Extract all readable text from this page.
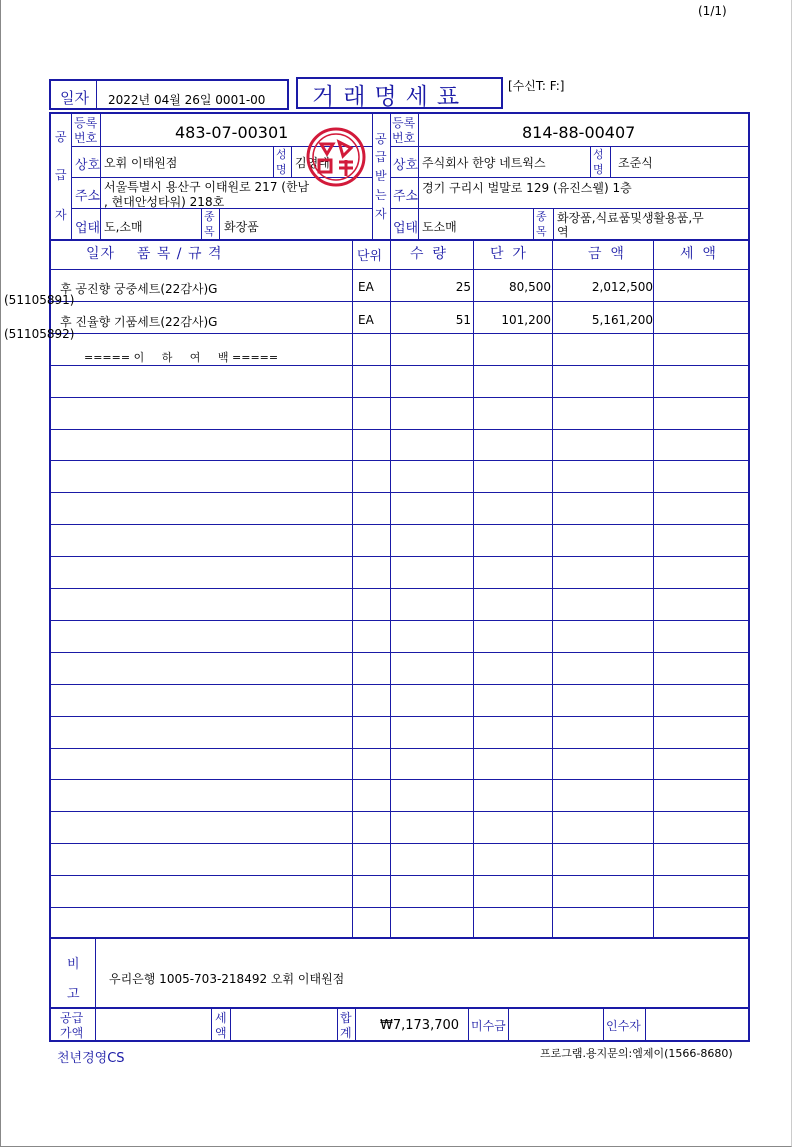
(1/1)
일자 2022년 04월 26일 0001-00 거래명세표	[수신T: F:]
공
급
자
등록
번호	483-07-00301
상호 오휘 이태원점
성
명 김영태
주소
서울특별시 용산구 이태원로 217 (한남
, 현대안성타워) 218호
업태 도,소매
종
목 화장품
공
급
받
는
자
등록
번호	814-88-00407
상호 주식회사 한양 네트웍스
성
명 조준식
주소
경기 구리시 벌말로 129 (유진스웰) 1층
업태 도소매
종
목
화장품,식료품및생활용품,무
역
일자    품 목 / 규 격	단위 수  량	단  가	금  액	세  액
(51105891)
후 공진향 궁중세트(22감사)G	EA	25	80,500	2,012,500
(51105892)
후 진율향 기품세트(22감사)G	EA	51	101,200	5,161,200
===== 이     하     여     백 =====
비
고
우리은행 1005-703-218492 오휘 이태원점
공급
가액
세
액
합
계 ₩7,173,700 미수금	인수자
천년경영CS	프로그램.용지문의:엠제이(1566-8680)
